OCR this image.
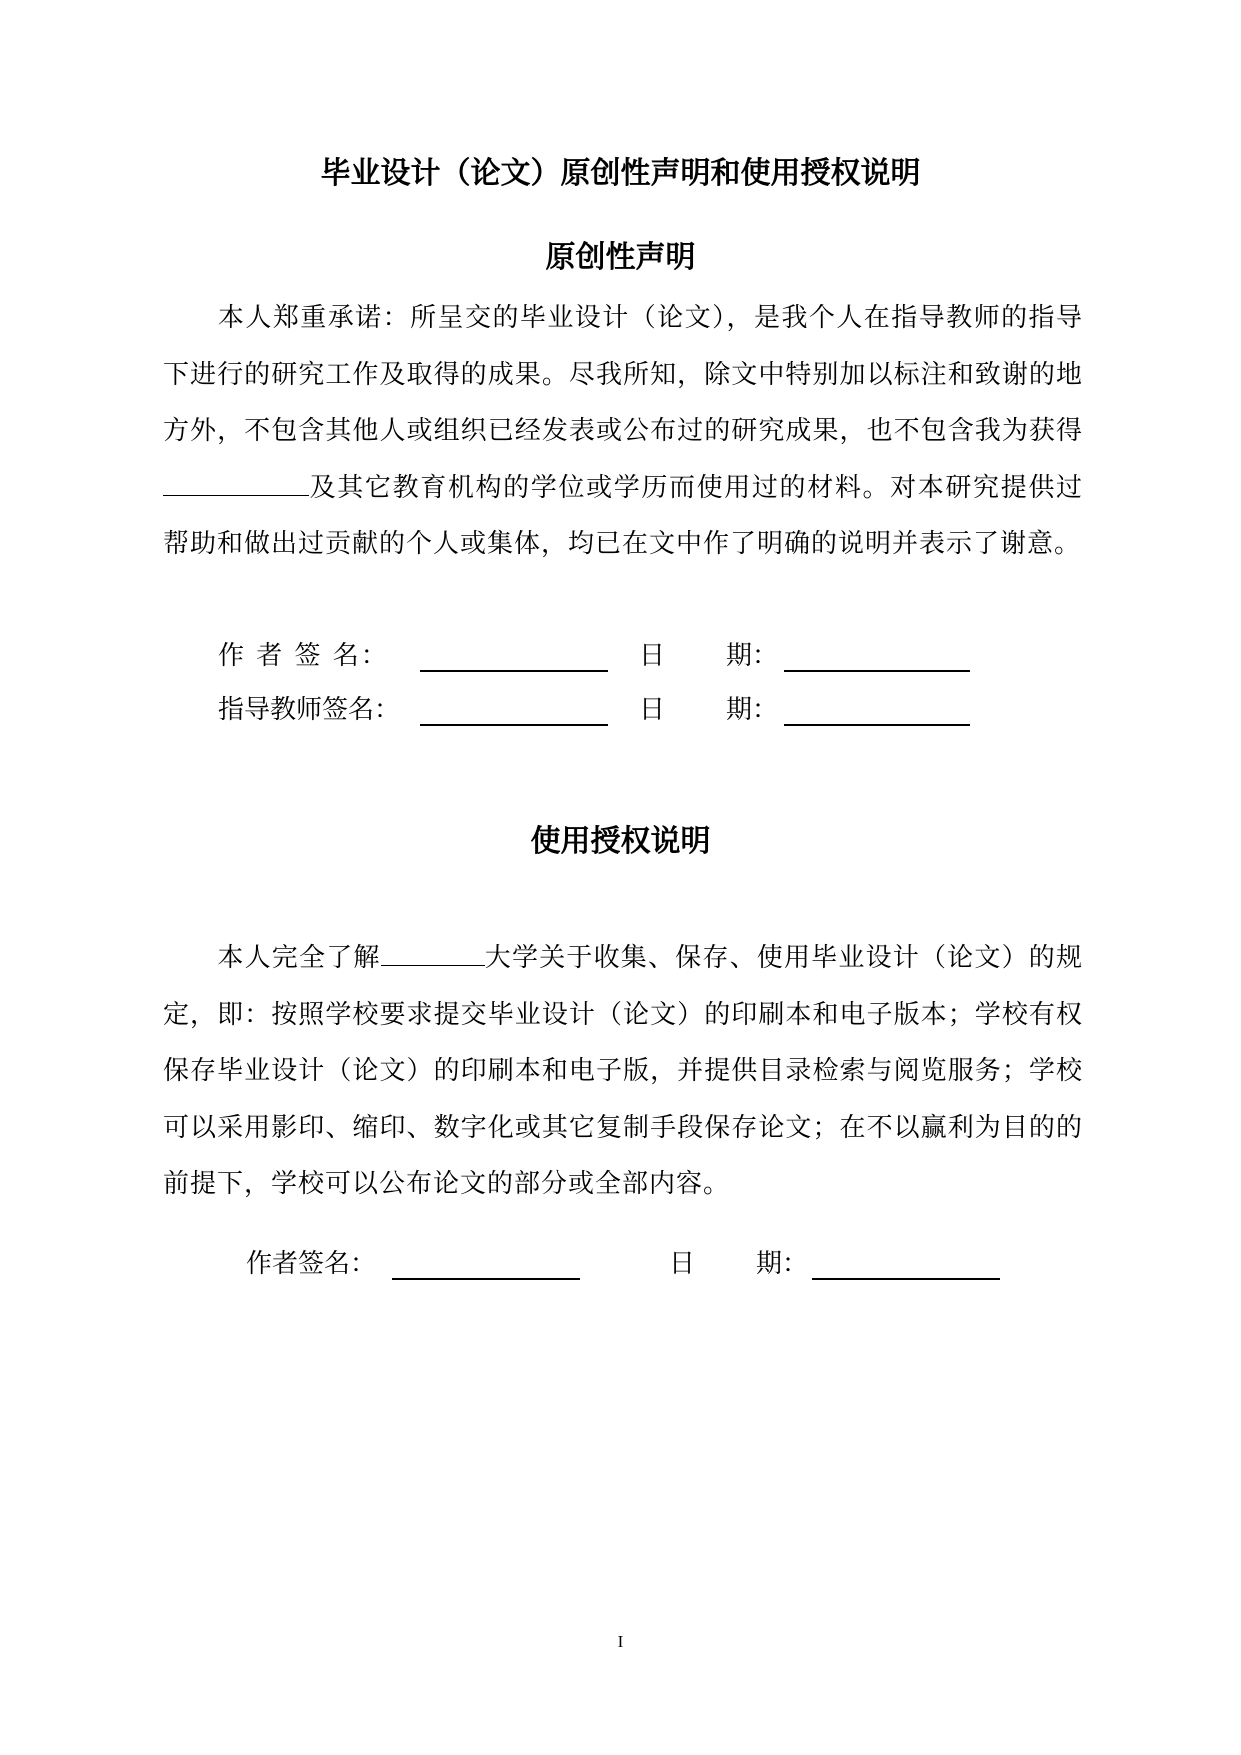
毕业设计（论文）原创性声明和使用授权说明
原创性声明

　　本人郑重承诺：所呈交的毕业设计（论文），是我个人在指导教师的指导下进行的研究工作及取得的成果。尽我所知，除文中特别加以标注和致谢的地方外，不包含其他人或组织已经发表或公布过的研究成果，也不包含我为获得及其它教育机构的学位或学历而使用过的材料。对本研究提供过帮助和做出过贡献的个人或集体，均已在文中作了明确的说明并表示了谢意。

作 者 签 名：	日 期：
指导教师签名：	日 期：
使用授权说明

　　本人完全了解	大学关于收集、保存、使用毕业设计（论文）的规定，即：按照学校要求提交毕业设计（论文）的印刷本和电子版本；学校有权保存毕业设计（论文）的印刷本和电子版，并提供目录检索与阅览服务；学校可以采用影印、缩印、数字化或其它复制手段保存论文；在不以赢利为目的的前提下，学校可以公布论文的部分或全部内容。

作者签名：	日 期：
I
